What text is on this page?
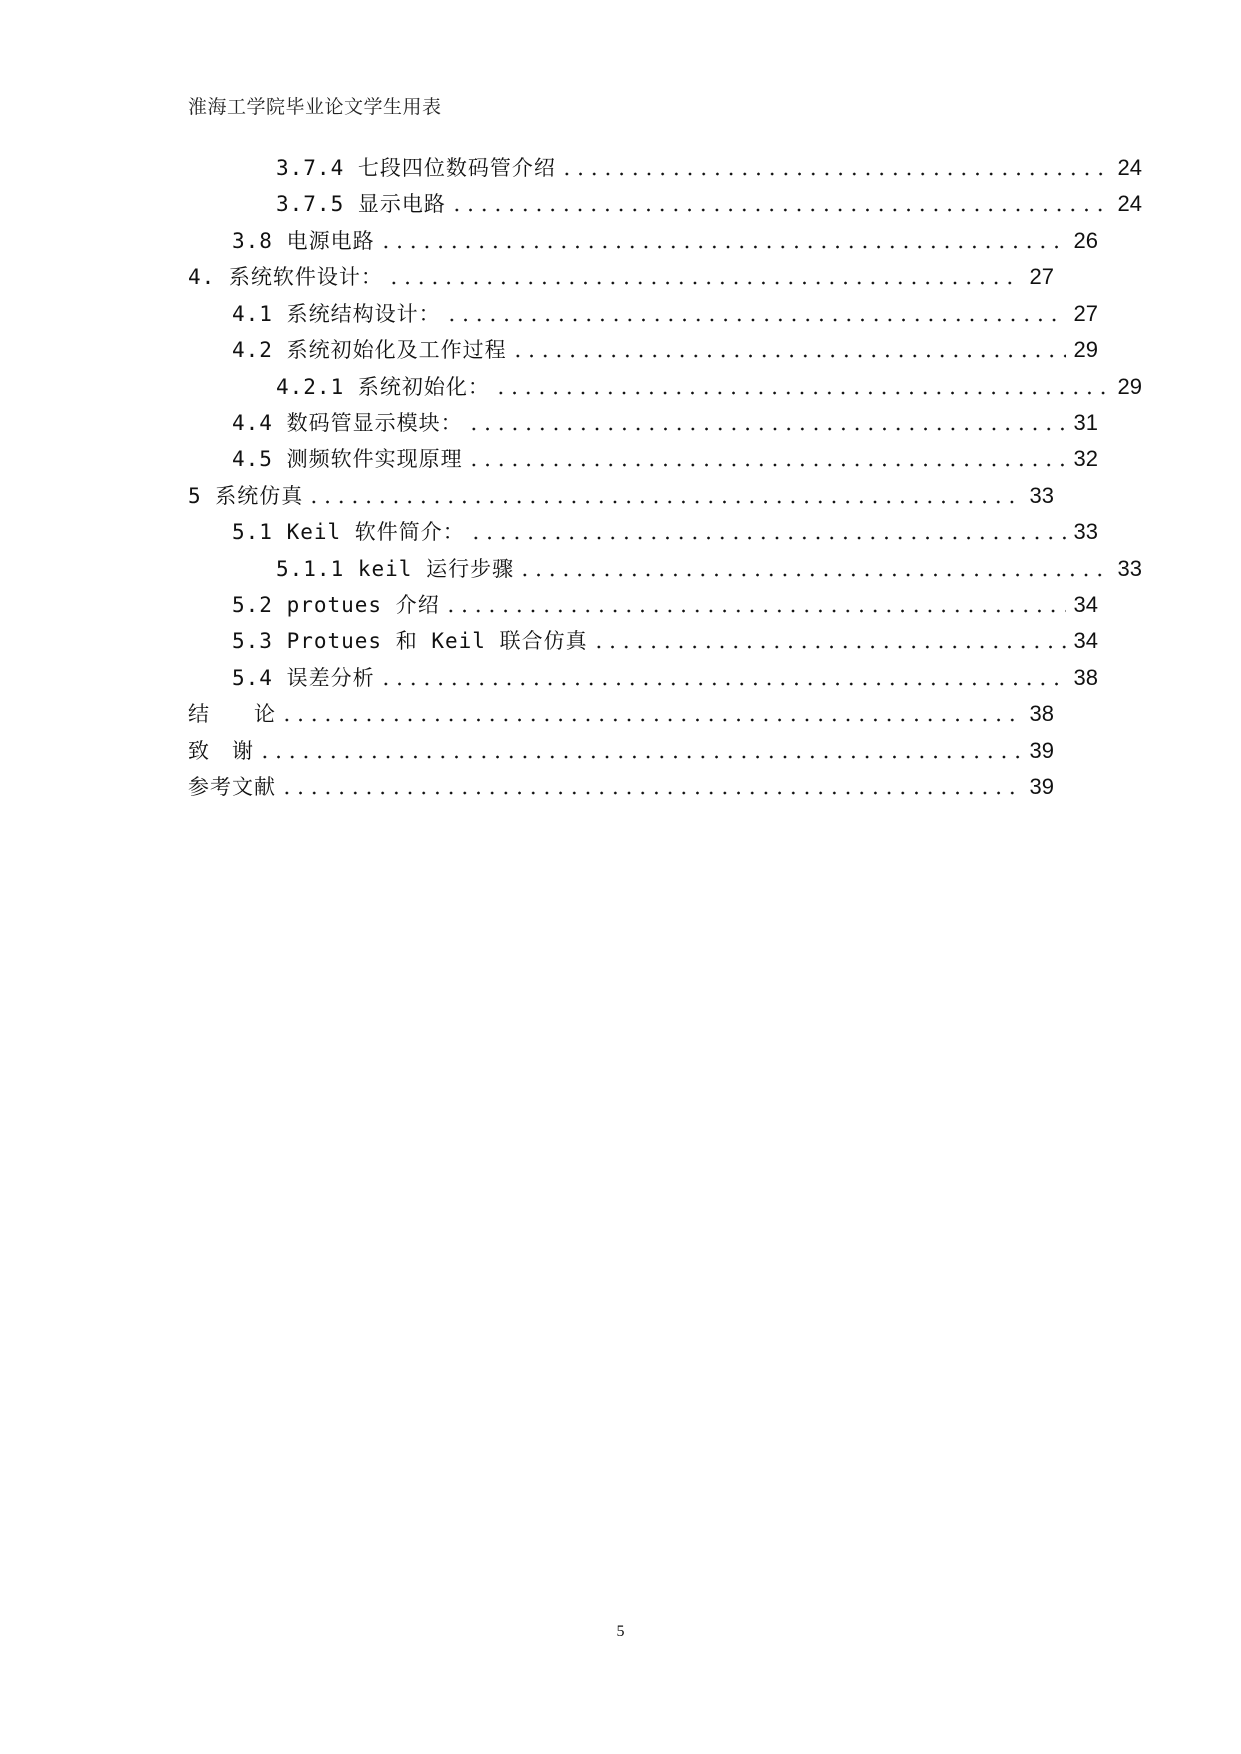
淮海工学院毕业论文学生用表
3.7.4 七段四位数码管介绍	24
3.7.5 显示电路	24
3.8 电源电路	26
4. 系统软件设计：	27
4.1 系统结构设计：	27
4.2 系统初始化及工作过程	29
4.2.1 系统初始化：	29
4.4 数码管显示模块：	31
4.5 测频软件实现原理	32
5 系统仿真	33
5.1 Keil 软件简介：	33
5.1.1 keil 运行步骤	33
5.2 protues 介绍	34
5.3 Protues 和 Keil 联合仿真	34
5.4 误差分析	38
结　　论	38
致　谢	39
参考文献	39
5
